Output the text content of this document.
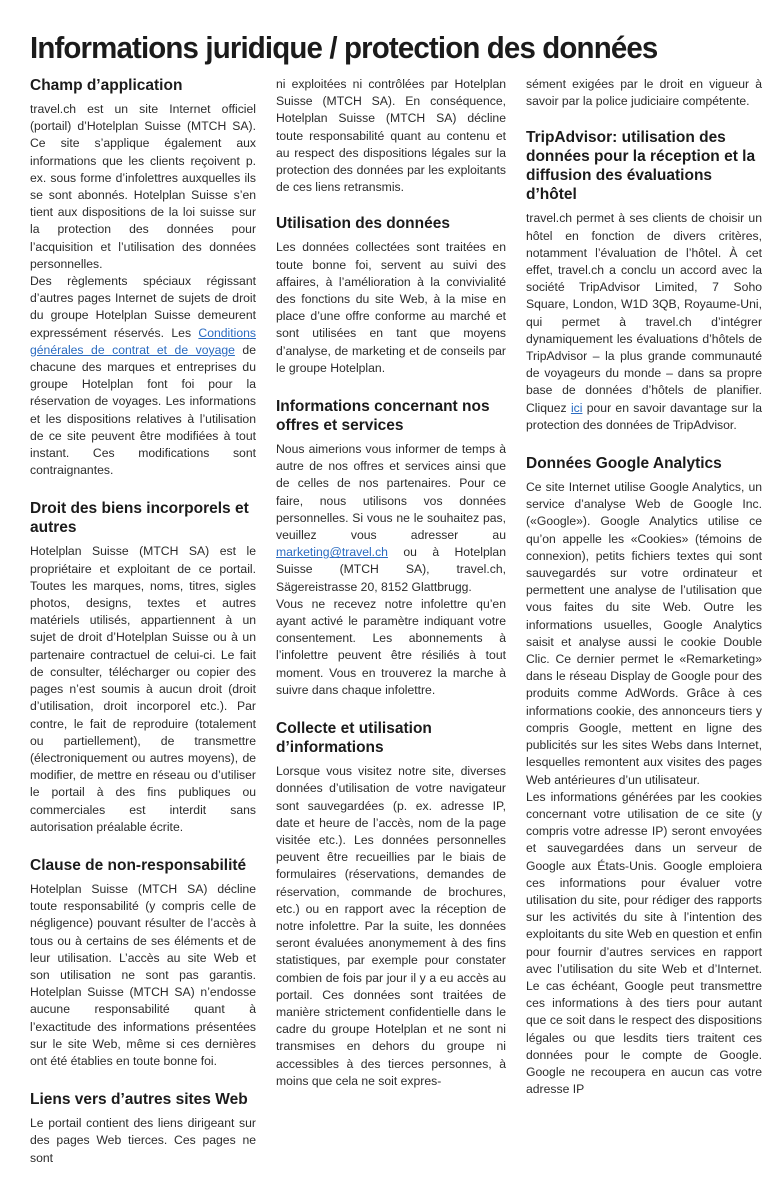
Informations juridique / protection des données
Champ d’application

travel.ch est un site Internet officiel (portail) d’Hotelplan Suisse (MTCH SA). Ce site s’applique également aux informations que les clients reçoivent p. ex. sous forme d’infolettres auxquelles ils se sont abonnés. Hotelplan Suisse s’en tient aux dispositions de la loi suisse sur la protection des données pour l’acquisition et l’utilisation des données personnelles.

Des règlements spéciaux régissant d’autres pages Internet de sujets de droit du groupe Hotelplan Suisse demeurent expressément réservés. Les Conditions générales de contrat et de voyage de chacune des marques et entreprises du groupe Hotelplan font foi pour la réservation de voyages. Les informations et les dispositions relatives à l’utilisation de ce site peuvent être modifiées à tout instant. Ces modifications sont contraignantes.

Droit des biens incorporels et autres

Hotelplan Suisse (MTCH SA) est le propriétaire et exploitant de ce portail. Toutes les marques, noms, titres, sigles photos, designs, textes et autres matériels utilisés, appartiennent à un sujet de droit d’Hotelplan Suisse ou à un partenaire contractuel de celui-ci. Le fait de consulter, télécharger ou copier des pages n’est soumis à aucun droit (droit d’utilisation, droit incorporel etc.). Par contre, le fait de reproduire (totalement ou partiellement), de transmettre (électroniquement ou autres moyens), de modifier, de mettre en réseau ou d’utiliser le portail à des fins publiques ou commerciales est interdit sans autorisation préalable écrite.

Clause de non-responsabilité

Hotelplan Suisse (MTCH SA) décline toute responsabilité (y compris celle de négligence) pouvant résulter de l’accès à tous ou à certains de ses éléments et de leur utilisation. L’accès au site Web et son utilisation ne sont pas garantis. Hotelplan Suisse (MTCH SA) n’endosse aucune responsabilité quant à l’exactitude des informations présentées sur le site Web, même si ces dernières ont été établies en toute bonne foi.

Liens vers d’autres sites Web

Le portail contient des liens dirigeant sur des pages Web tierces. Ces pages ne sont

ni exploitées ni contrôlées par Hotelplan Suisse (MTCH SA). En conséquence, Hotelplan Suisse (MTCH SA) décline toute responsabilité quant au contenu et au respect des dispositions légales sur la protection des données par les exploitants de ces liens retransmis.

Utilisation des données

Les données collectées sont traitées en toute bonne foi, servent au suivi des affaires, à l’amélioration à la convivialité des fonctions du site Web, à la mise en place d’une offre conforme au marché et sont utilisées en tant que moyens d’analyse, de marketing et de conseils par le groupe Hotelplan.

Informations concernant nos offres et services

Nous aimerions vous informer de temps à autre de nos offres et services ainsi que de celles de nos partenaires. Pour ce faire, nous utilisons vos données personnelles. Si vous ne le souhaitez pas, veuillez vous adresser au marketing@travel.ch ou à Hotelplan Suisse (MTCH SA), travel.ch, Sägereistrasse 20, 8152 Glattbrugg.

Vous ne recevez notre infolettre qu’en ayant activé le paramètre indiquant votre consentement. Les abonnements à l’infolettre peuvent être résiliés à tout moment. Vous en trouverez la marche à suivre dans chaque infolettre.

Collecte et utilisation d’informations

Lorsque vous visitez notre site, diverses données d’utilisation de votre navigateur sont sauvegardées (p. ex. adresse IP, date et heure de l’accès, nom de la page visitée etc.). Les données personnelles peuvent être recueillies par le biais de formulaires (réservations, demandes de réservation, commande de brochures, etc.) ou en rapport avec la réception de notre infolettre. Par la suite, les données seront évaluées anonymement à des fins statistiques, par exemple pour constater combien de fois par jour il y a eu accès au portail. Ces données sont traitées de manière strictement confidentielle dans le cadre du groupe Hotelplan et ne sont ni transmises en dehors du groupe ni accessibles à des tierces personnes, à moins que cela ne soit expres-

sément exigées par le droit en vigueur à savoir par la police judiciaire compétente.

TripAdvisor: utilisation des données pour la réception et la diffusion des évaluations d’hôtel

travel.ch permet à ses clients de choisir un hôtel en fonction de divers critères, notamment l’évaluation de l’hôtel. À cet effet, travel.ch a conclu un accord avec la société TripAdvisor Limited, 7 Soho Square, London, W1D 3QB, Royaume-Uni, qui permet à travel.ch d’intégrer dynamiquement les évaluations d’hôtels de TripAdvisor – la plus grande communauté de voyageurs du monde – dans sa propre base de données d’hôtels de planifier. Cliquez ici pour en savoir davantage sur la protection des données de TripAdvisor.

Données Google Analytics

Ce site Internet utilise Google Analytics, un service d’analyse Web de Google Inc. («Google»). Google Analytics utilise ce qu’on appelle les «Cookies» (témoins de connexion), petits fichiers textes qui sont sauvegardés sur votre ordinateur et permettent une analyse de l’utilisation que vous faites du site Web. Outre les informations usuelles, Google Analytics saisit et analyse aussi le cookie Double Clic. Ce dernier permet le «Remarketing» dans le réseau Display de Google pour des produits comme AdWords. Grâce à ces informations cookie, des annonceurs tiers y compris Google, mettent en ligne des publicités sur les sites Webs dans Internet, lesquelles remontent aux visites des pages Web antérieures d’un utilisateur.

Les informations générées par les cookies concernant votre utilisation de ce site (y compris votre adresse IP) seront envoyées et sauvegardées dans un serveur de Google aux États-Unis. Google emploiera ces informations pour évaluer votre utilisation du site, pour rédiger des rapports sur les activités du site à l’intention des exploitants du site Web en question et enfin pour fournir d’autres services en rapport avec l’utilisation du site Web et d’Internet. Le cas échéant, Google peut transmettre ces informations à des tiers pour autant que ce soit dans le respect des dispositions légales ou que lesdits tiers traitent ces données pour le compte de Google. Google ne recoupera en aucun cas votre adresse IP
